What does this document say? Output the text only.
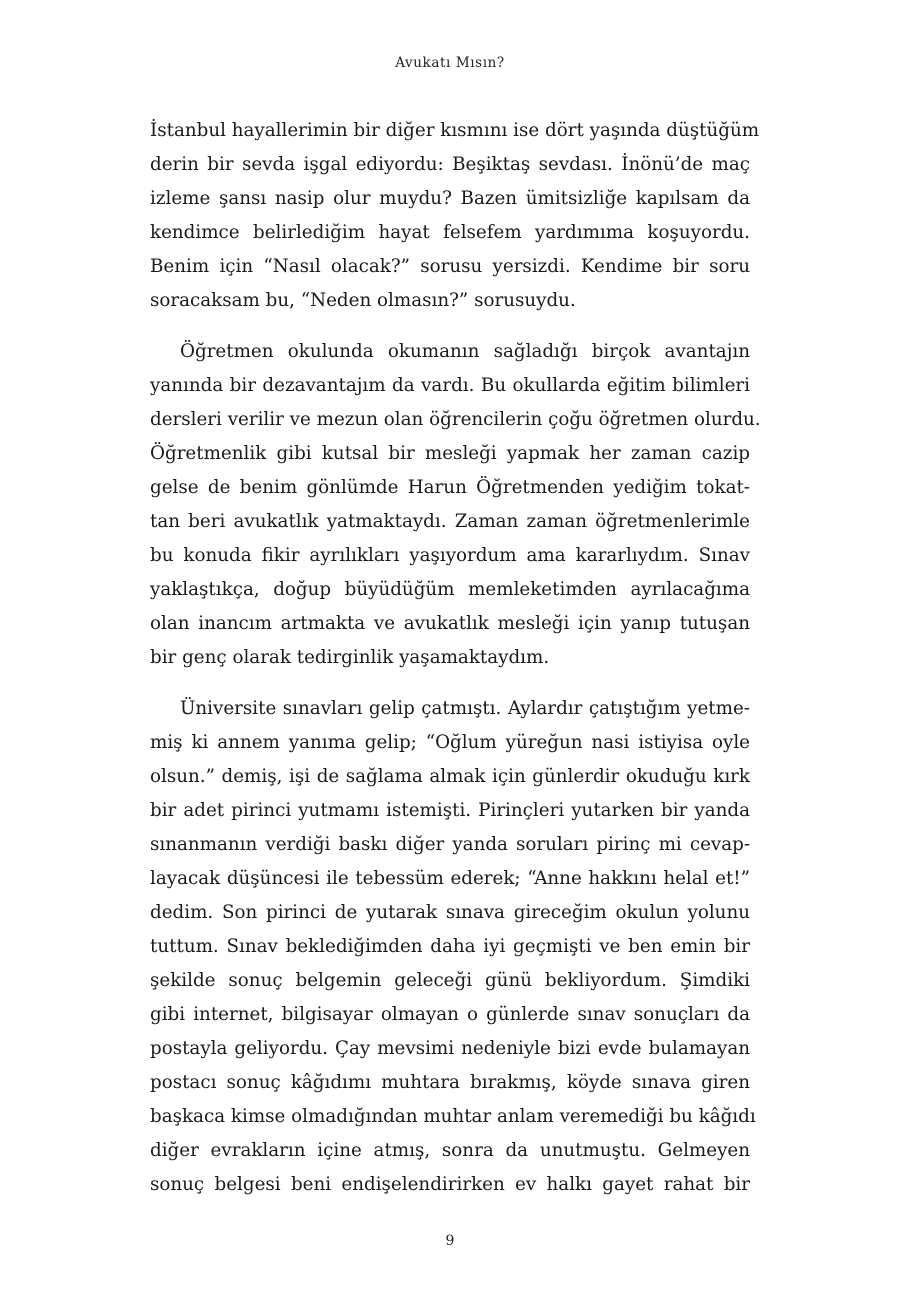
Avukatı Mısın?
İstanbul hayallerimin bir diğer kısmını ise dört yaşında düştüğüm
derin bir sevda işgal ediyordu: Beşiktaş sevdası. İnönü’de maç
izleme şansı nasip olur muydu? Bazen ümitsizliğe kapılsam da
kendimce belirlediğim hayat felsefem yardımıma koşuyordu.
Benim için “Nasıl olacak?” sorusu yersizdi. Kendime bir soru
soracaksam bu, “Neden olmasın?” sorusuydu.
Öğretmen okulunda okumanın sağladığı birçok avantajın
yanında bir dezavantajım da vardı. Bu okullarda eğitim bilimleri
dersleri verilir ve mezun olan öğrencilerin çoğu öğretmen olurdu.
Öğretmenlik gibi kutsal bir mesleği yapmak her zaman cazip
gelse de benim gönlümde Harun Öğretmenden yediğim tokat-
tan beri avukatlık yatmaktaydı. Zaman zaman öğretmenlerimle
bu konuda fikir ayrılıkları yaşıyordum ama kararlıydım. Sınav
yaklaştıkça, doğup büyüdüğüm memleketimden ayrılacağıma
olan inancım artmakta ve avukatlık mesleği için yanıp tutuşan
bir genç olarak tedirginlik yaşamaktaydım.
Üniversite sınavları gelip çatmıştı. Aylardır çatıştığım yetme-
miş ki annem yanıma gelip; “Oğlum yüreğun nasi istiyisa oyle
olsun.” demiş, işi de sağlama almak için günlerdir okuduğu kırk
bir adet pirinci yutmamı istemişti. Pirinçleri yutarken bir yanda
sınanmanın verdiği baskı diğer yanda soruları pirinç mi cevap-
layacak düşüncesi ile tebessüm ederek; “Anne hakkını helal et!”
dedim. Son pirinci de yutarak sınava gireceğim okulun yolunu
tuttum. Sınav beklediğimden daha iyi geçmişti ve ben emin bir
şekilde sonuç belgemin geleceği günü bekliyordum. Şimdiki
gibi internet, bilgisayar olmayan o günlerde sınav sonuçları da
postayla geliyordu. Çay mevsimi nedeniyle bizi evde bulamayan
postacı sonuç kâğıdımı muhtara bırakmış, köyde sınava giren
başkaca kimse olmadığından muhtar anlam veremediği bu kâğıdı
diğer evrakların içine atmış, sonra da unutmuştu. Gelmeyen
sonuç belgesi beni endişelendirirken ev halkı gayet rahat bir
9
